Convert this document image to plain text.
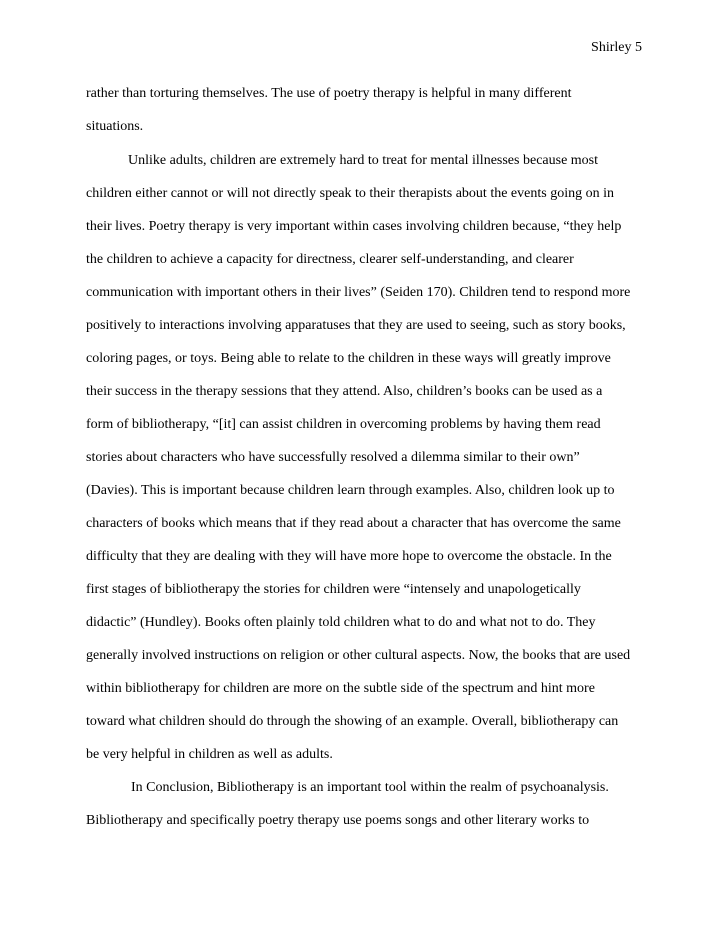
Shirley 5
rather than torturing themselves. The use of poetry therapy is helpful in many different
situations.
Unlike adults, children are extremely hard to treat for mental illnesses because most
children either cannot or will not directly speak to their therapists about the events going on in
their lives. Poetry therapy is very important within cases involving children because, “they help
the children to achieve a capacity for directness, clearer self-understanding, and clearer
communication with important others in their lives” (Seiden 170). Children tend to respond more
positively to interactions involving apparatuses that they are used to seeing, such as story books,
coloring pages, or toys. Being able to relate to the children in these ways will greatly improve
their success in the therapy sessions that they attend. Also, children’s books can be used as a
form of bibliotherapy, “[it] can assist children in overcoming problems by having them read
stories about characters who have successfully resolved a dilemma similar to their own”
(Davies). This is important because children learn through examples. Also, children look up to
characters of books which means that if they read about a character that has overcome the same
difficulty that they are dealing with they will have more hope to overcome the obstacle. In the
first stages of bibliotherapy the stories for children were “intensely and unapologetically
didactic” (Hundley). Books often plainly told children what to do and what not to do. They
generally involved instructions on religion or other cultural aspects. Now, the books that are used
within bibliotherapy for children are more on the subtle side of the spectrum and hint more
toward what children should do through the showing of an example. Overall, bibliotherapy can
be very helpful in children as well as adults.
In Conclusion, Bibliotherapy is an important tool within the realm of psychoanalysis.
Bibliotherapy and specifically poetry therapy use poems songs and other literary works to
